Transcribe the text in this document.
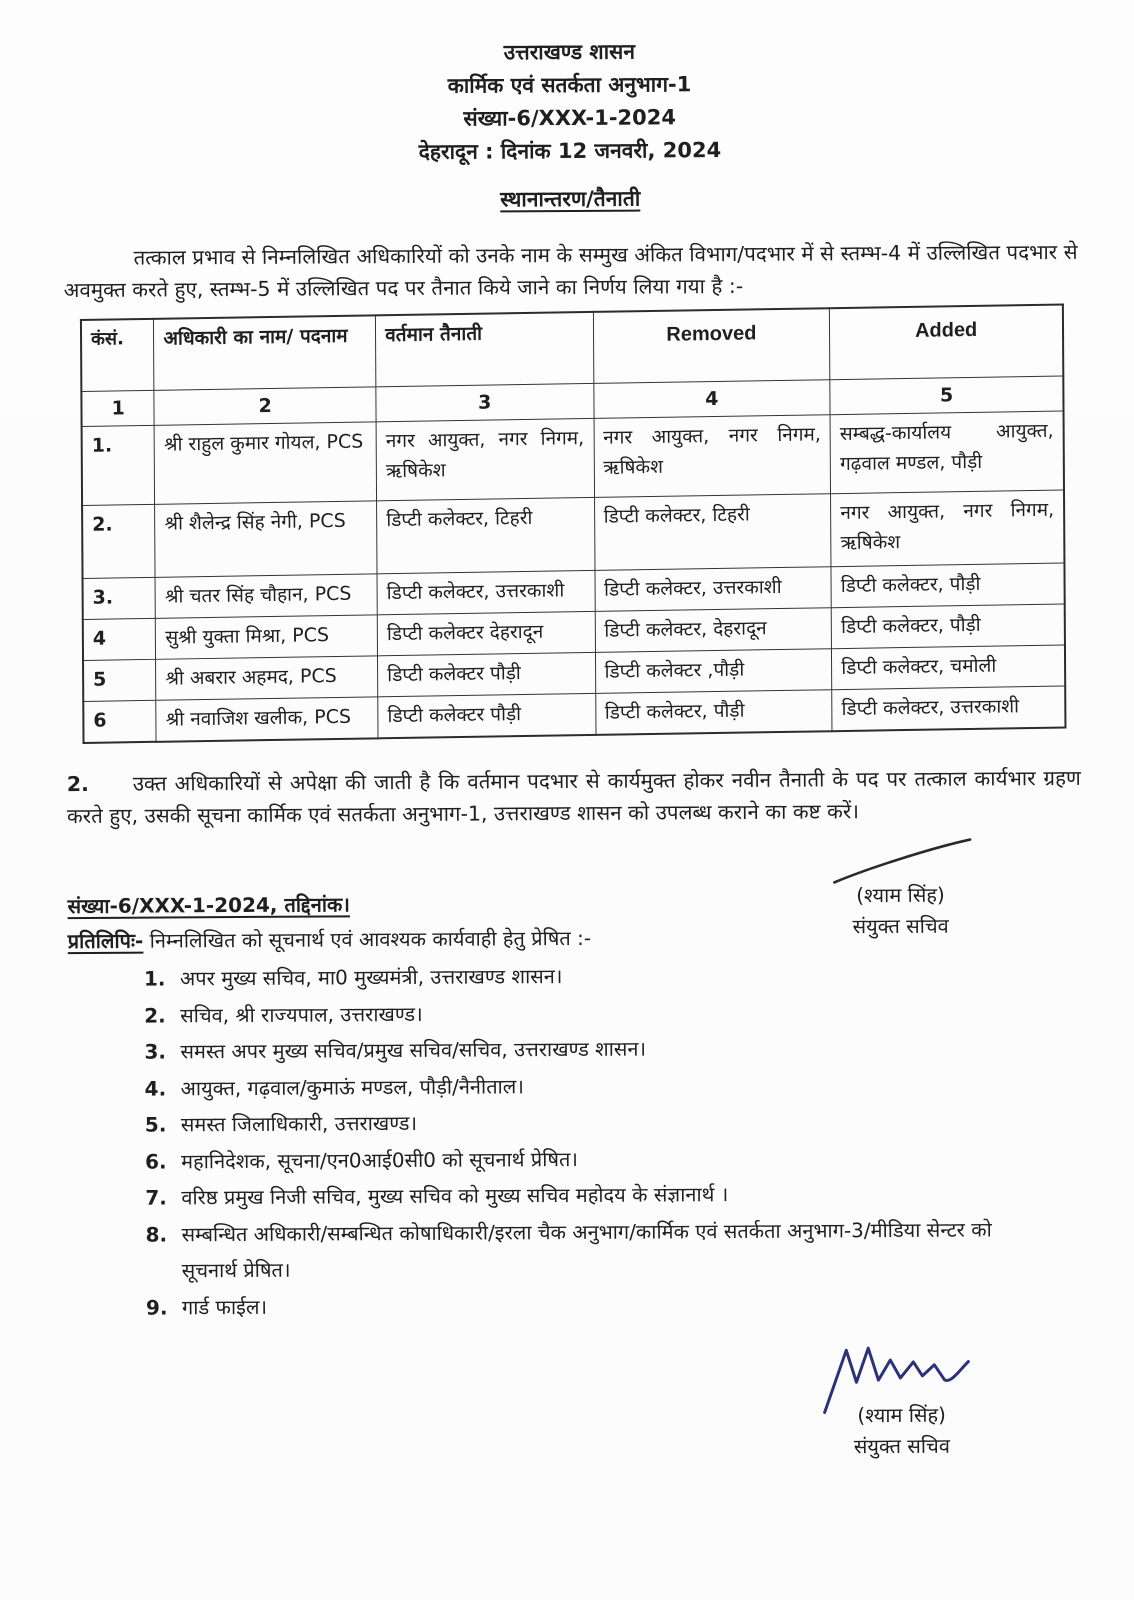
उत्तराखण्ड शासन
कार्मिक एवं सतर्कता अनुभाग-1
संख्या-6/XXX-1-2024
देहरादून : दिनांक 12 जनवरी, 2024
स्थानान्तरण/तैनाती
तत्काल प्रभाव से निम्नलिखित अधिकारियों को उनके नाम के सम्मुख अंकित विभाग/पदभार में से स्तम्भ-4 में उल्लिखित पदभार से अवमुक्त करते हुए, स्तम्भ-5 में उल्लिखित पद पर तैनात किये जाने का निर्णय लिया गया है :-
कंसं.	अधिकारी का नाम/ पदनाम	वर्तमान तैनाती	Removed	Added
1	2	3	4	5
1.	श्री राहुल कुमार गोयल, PCS	नगर आयुक्त, नगर निगम, ऋषिकेश	नगर आयुक्त, नगर निगम, ऋषिकेश	सम्बद्ध-कार्यालय आयुक्त, गढ़वाल मण्डल, पौड़ी
2.	श्री शैलेन्द्र सिंह नेगी, PCS	डिप्टी कलेक्टर, टिहरी	डिप्टी कलेक्टर, टिहरी	नगर आयुक्त, नगर निगम, ऋषिकेश
3.	श्री चतर सिंह चौहान, PCS	डिप्टी कलेक्टर, उत्तरकाशी	डिप्टी कलेक्टर, उत्तरकाशी	डिप्टी कलेक्टर, पौड़ी
4	सुश्री युक्ता मिश्रा, PCS	डिप्टी कलेक्टर देहरादून	डिप्टी कलेक्टर, देहरादून	डिप्टी कलेक्टर, पौड़ी
5	श्री अबरार अहमद, PCS	डिप्टी कलेक्टर पौड़ी	डिप्टी कलेक्टर ,पौड़ी	डिप्टी कलेक्टर, चमोली
6	श्री नवाजिश खलीक, PCS	डिप्टी कलेक्टर पौड़ी	डिप्टी कलेक्टर, पौड़ी	डिप्टी कलेक्टर, उत्तरकाशी
2. उक्त अधिकारियों से अपेक्षा की जाती है कि वर्तमान पदभार से कार्यमुक्त होकर नवीन तैनाती के पद पर तत्काल कार्यभार ग्रहण करते हुए, उसकी सूचना कार्मिक एवं सतर्कता अनुभाग-1, उत्तराखण्ड शासन को उपलब्ध कराने का कष्ट करें।
(श्याम सिंह)
संयुक्त सचिव
संख्या-6/XXX-1-2024, तद्दिनांक।
प्रतिलिपिः- निम्नलिखित को सूचनार्थ एवं आवश्यक कार्यवाही हेतु प्रेषित :-
1. अपर मुख्य सचिव, मा0 मुख्यमंत्री, उत्तराखण्ड शासन।
2. सचिव, श्री राज्यपाल, उत्तराखण्ड।
3. समस्त अपर मुख्य सचिव/प्रमुख सचिव/सचिव, उत्तराखण्ड शासन।
4. आयुक्त, गढ़वाल/कुमाऊं मण्डल, पौड़ी/नैनीताल।
5. समस्त जिलाधिकारी, उत्तराखण्ड।
6. महानिदेशक, सूचना/एन0आई0सी0 को सूचनार्थ प्रेषित।
7. वरिष्ठ प्रमुख निजी सचिव, मुख्य सचिव को मुख्य सचिव महोदय के संज्ञानार्थ ।
8. सम्बन्धित अधिकारी/सम्बन्धित कोषाधिकारी/इरला चैक अनुभाग/कार्मिक एवं सतर्कता अनुभाग-3/मीडिया सेन्टर को सूचनार्थ प्रेषित।
9. गार्ड फाईल।
(श्याम सिंह)
संयुक्त सचिव
